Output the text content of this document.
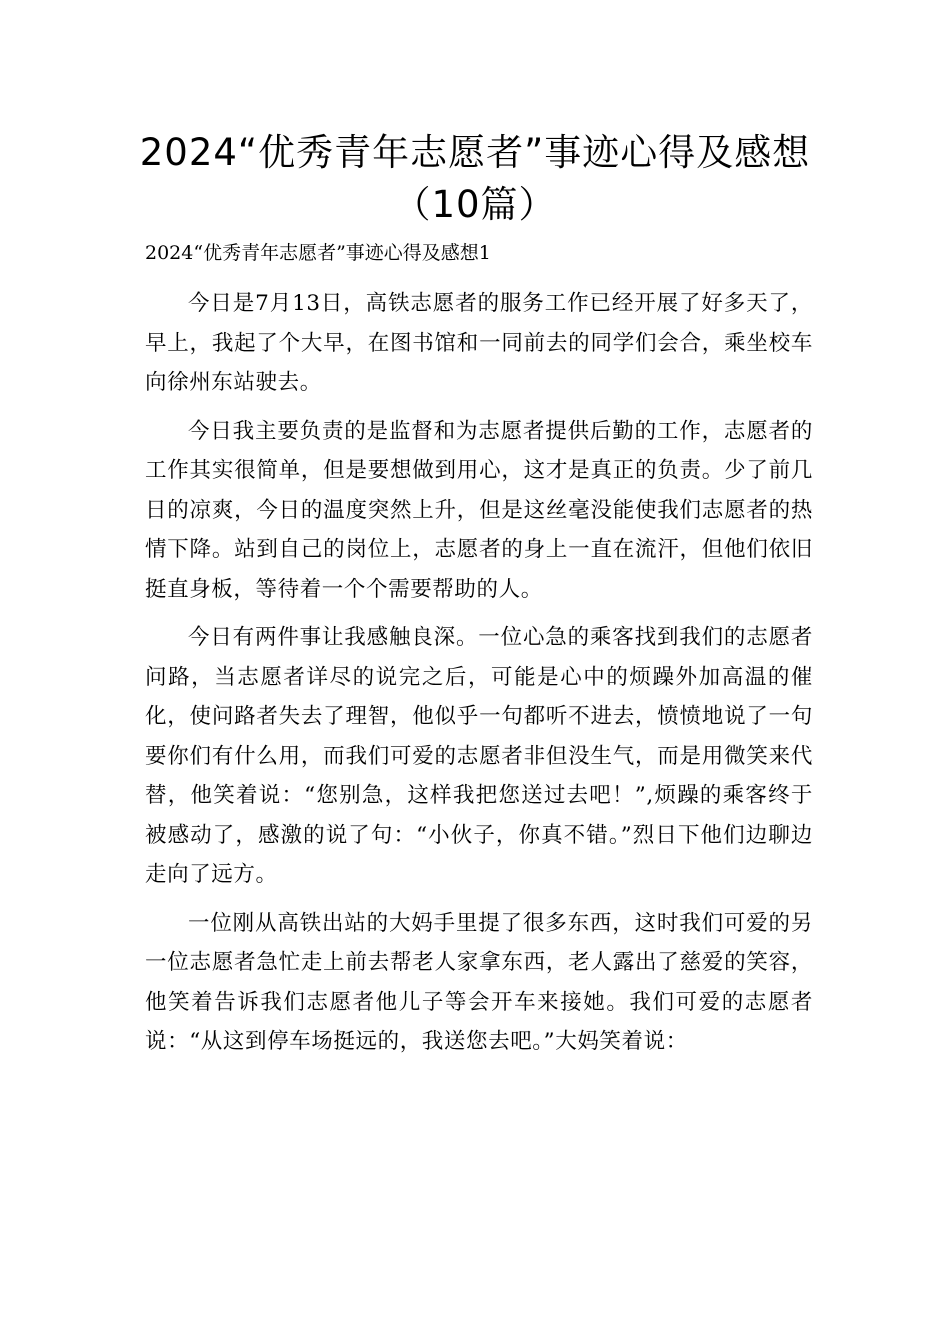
2024“优秀青年志愿者”事迹心得及感想（10篇）
2024“优秀青年志愿者”事迹心得及感想1

今日是7月13日，高铁志愿者的服务工作已经开展了好多天了，早上，我起了个大早，在图书馆和一同前去的同学们会合，乘坐校车向徐州东站驶去。

今日我主要负责的是监督和为志愿者提供后勤的工作，志愿者的工作其实很简单，但是要想做到用心，这才是真正的负责。少了前几日的凉爽，今日的温度突然上升，但是这丝毫没能使我们志愿者的热情下降。站到自己的岗位上，志愿者的身上一直在流汗，但他们依旧挺直身板，等待着一个个需要帮助的人。

今日有两件事让我感触良深。一位心急的乘客找到我们的志愿者问路，当志愿者详尽的说完之后，可能是心中的烦躁外加高温的催化，使问路者失去了理智，他似乎一句都听不进去，愤愤地说了一句要你们有什么用，而我们可爱的志愿者非但没生气，而是用微笑来代替，他笑着说：“您别急，这样我把您送过去吧！”,烦躁的乘客终于被感动了，感激的说了句：“小伙子，你真不错。”烈日下他们边聊边走向了远方。

一位刚从高铁出站的大妈手里提了很多东西，这时我们可爱的另一位志愿者急忙走上前去帮老人家拿东西，老人露出了慈爱的笑容，他笑着告诉我们志愿者他儿子等会开车来接她。我们可爱的志愿者说：“从这到停车场挺远的，我送您去吧。”大妈笑着说：
